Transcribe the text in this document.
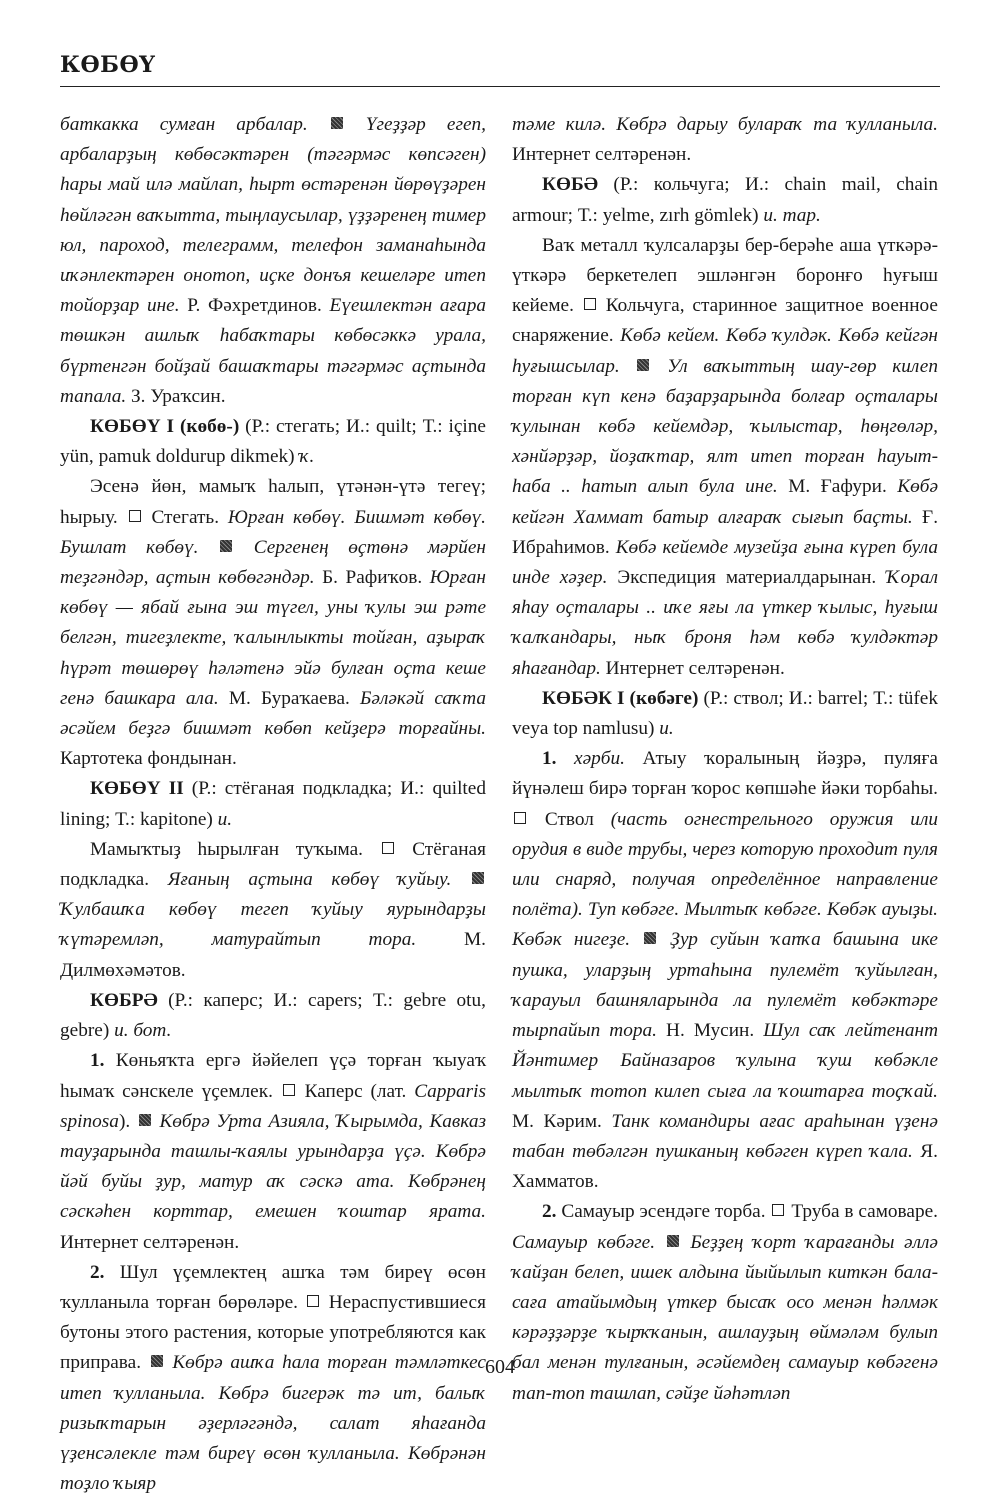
КӨБӨҮ

баткакка сумған арбалар.	Үгеҙҙәр егеп, арбаларҙың көбөсәктәрен (тәгәрмәс көпсәген) һары май илә майлап, һырт өстәренән йөрөүҙәрен һөйләгән ваҡытта, тыңлаусылар, үҙҙәренең тимер юл, пароход, телеграмм, телефон заманаһында иҡәнлектәрен онотоп, иҫке донъя кешеләре итеп тойорҙар ине. Р. Фәхретдинов. Еүешлектән ағара төшкән ашлыҡ һабаҡтары көбөсәккә урала, бүртенгән бойҙай башаҡтары тәгәрмәс аҫтында тапала. З. Ураҡсин.

КӨБӨҮ I (көбө-) (Р.: стегать; И.: quilt; Т.: içine yün, pamuk doldurup dikmek) ҡ.

Эсенә йөн, мамыҡ һалып, үтәнән-үтә тегеү; һырыу. Стегать. Юрған көбөү. Бишмәт көбөү. Бушлат көбөү.	Сергенең өҫтөнә мәрйен теҙгәндәр, аҫтын көбөгәндәр. Б. Рафиҡов. Юрған көбөү — ябай ғына эш түгел, уны ҡулы эш рәте белгән, тигеҙлекте, ҡалынлыкты тойған, аҙыраҡ һүрәт төшөрөү һәләтенә эйә булған оҫта кеше генә башкара ала. М. Бураҡаева. Бәләкәй саҡта әсәйем беҙгә бишмәт көбөп кейҙерә торғайны. Картотека фондынан.

КӨБӨҮ II (Р.: стёганая подкладка; И.: quilted lining; Т.: kapitone) и.

Мамыҡтыҙ һырылған туҡыма.	Стёганая подкладка. Яғаның аҫтына көбөү ҡуйыу.  Ҡулбашҡа көбөү тегеп ҡуйыу яурындарҙы ҡүтәремләп, матурайтып тора. М. Дилмөхәмәтов.

КӨБРӘ (Р.: каперс; И.: capers; Т.: gebre otu, gebre) и. бот.

1. Көньяҡта ергә йәйелеп үҫә торған ҡыуаҡ һымаҡ сәнскеле үҫемлек. Каперс (лат. Capparis spinosa). Көбрә Урта Азияла, Ҡырымда, Кавказ тауҙарында ташлы-ҡаялы урындарҙа үҫә. Көбрә йәй буйы ҙур, матур аҡ сәскә ата. Көбрәнең сәскәһен корттар, емешен ҡоштар ярата. Интернет селтәренән.

2. Шул үҫемлектең ашҡа тәм биреү өсөн ҡулланыла торған бөрөләре. Нераспустившиеся бутоны этого растения, которые употребляются как приправа. Көбрә ашҡа һала торған тәмләткес итеп ҡулланыла. Көбрә бигерәк тә ит, балыҡ ризыҡтарын әҙерләгәндә, салат яһағанда үҙенсәлекле тәм биреү өсөн ҡулланыла. Көбрәнән тоҙло ҡыяр

тәме килә. Көбрә дарыу булараҡ та ҡулланыла. Интернет селтәренән.

КӨБӘ (Р.: кольчуга; И.: chain mail, chain armour; Т.: yelme, zırh gömlek) и. тар.

Ваҡ металл ҡулсаларҙы бер-берәһе аша үткәрә-үткәрә беркетелеп эшләнгән боронғо һуғыш кейеме. Кольчуга, старинное защитное военное снаряжение. Көбә кейем. Көбә ҡулдәк. Көбә кейгән һуғышсылар. Ул ваҡыттың шау-гөр килеп торған күп кенә баҙарҙарында болғар оҫталары ҡулынан көбә кейемдәр, ҡылыстар, һөңгөләр, хәнйәрҙәр, йоҙаҡтар, ялт итеп торған һауыт-һаба .. һатып алып була ине. М. Ғафури. Көбә кейгән Хаммат батыр алғараҡ сығып баҫты. Ғ. Ибраһимов. Көбә кейемде музейҙа ғына күреп була инде хәҙер. Экспедиция материалдарынан. Ҡорал яһау оҫталары .. иҡе яғы ла үткер ҡылыс, һуғыш ҡалҡандары, ныҡ броня һәм көбә ҡулдәктәр яһағандар. Интернет селтәренән.

КӨБӘК I (көбәге) (Р.: ствол; И.: barrel; Т.: tüfek veya top namlusu) и.

1. хәрби. Атыу ҡоралының йәҙрә, пуляға йүнәлеш бирә торған ҡорос көпшәһе йәки торбаһы.  Ствол (часть огнестрельного оружия или орудия в виде трубы, через которую проходит пуля или снаряд, получая определённое направление полёта). Туп көбәге. Мылтыҡ көбәге. Көбәк ауыҙы. Көбәк нигеҙе. Ҙур суйын ҡапҡа башына ике пушка, уларҙың уртаһына пулемёт ҡуйылған, ҡарауыл башняларында ла пулемёт көбәктәре тырпайып тора. Н. Мусин. Шул саҡ лейтенант Йәнтимер Байназаров ҡулына ҡуш көбәкле мылтыҡ тотоп килеп сыға ла ҡоштарға тоҫҡай. М. Кәрим. Танк командиры ағас араһынан үҙенә табан төбәлгән пушканың көбәген күреп ҡала. Я. Хамматов.

2. Самауыр эсендәге торба. Труба в самоваре. Самауыр көбәге. Беҙҙең ҡорт ҡарағанды әллә ҡайҙан белеп, ишек алдына йыйылып киткән бала-саға атайымдың үткер бысаҡ осо менән һәлмәк кәрәҙҙәрҙе ҡырҡҡанын, ашлауҙың өймәләм булып бал менән тулғанын, әсәйемдең самауыр көбәгенә тап-топ ташлап, сәйҙе йәһәтләп

604
